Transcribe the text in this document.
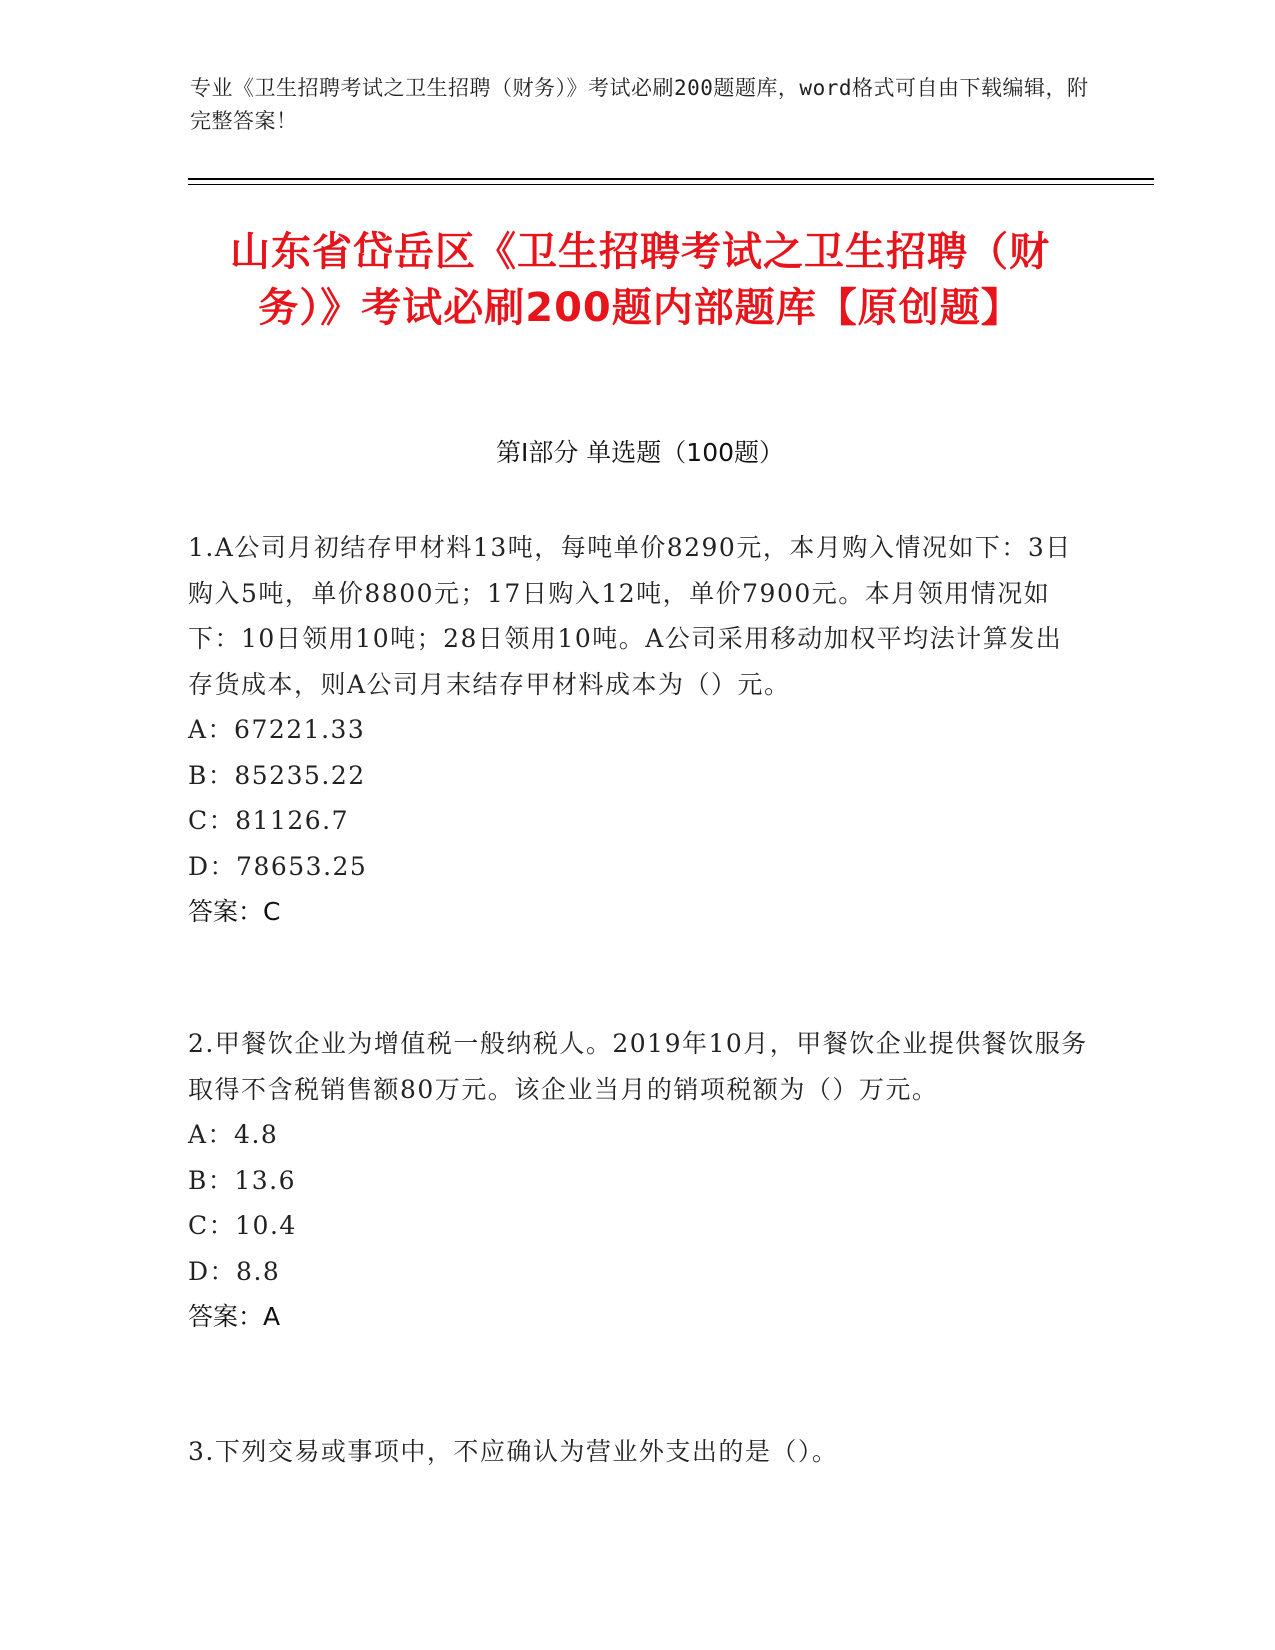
专业《卫生招聘考试之卫生招聘（财务）》考试必刷200题题库，word格式可自由下载编辑，附完整答案！
山东省岱岳区《卫生招聘考试之卫生招聘（财务）》考试必刷200题内部题库【原创题】
第Ⅰ部分 单选题（100题）

1.A公司月初结存甲材料13吨，每吨单价8290元，本月购入情况如下：3日购入5吨，单价8800元；17日购入12吨，单价7900元。本月领用情况如下：10日领用10吨；28日领用10吨。A公司采用移动加权平均法计算发出存货成本，则A公司月末结存甲材料成本为（）元。

A：67221.33

B：85235.22

C：81126.7

D：78653.25

答案：C

2.甲餐饮企业为增值税一般纳税人。2019年10月，甲餐饮企业提供餐饮服务取得不含税销售额80万元。该企业当月的销项税额为（）万元。

A：4.8

B：13.6

C：10.4

D：8.8

答案：A

3.下列交易或事项中，不应确认为营业外支出的是（）。
